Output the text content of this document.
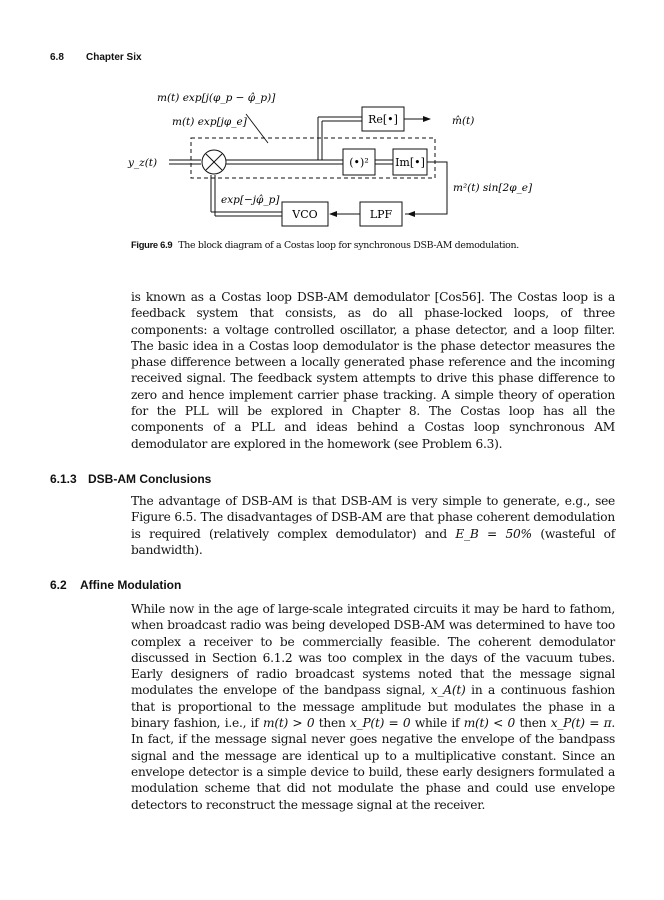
6.8 Chapter Six
Re[•]
(•)² Im[•]
LPF
VCO
m(t) exp[j(φ_p − φ̂_p)]
m(t) exp[jφ_e]
y_z(t)
m̂(t)
m²(t) sin[2φ_e]
exp[−jφ̂_p]
Figure 6.9 The block diagram of a Costas loop for synchronous DSB-AM demodulation.

is known as a Costas loop DSB-AM demodulator [Cos56]. The Costas loop is a feedback system that consists, as do all phase-locked loops, of three components: a voltage controlled oscillator, a phase detector, and a loop filter. The basic idea in a Costas loop demodulator is the phase detector measures the phase difference between a locally generated phase reference and the incoming received signal. The feedback system attempts to drive this phase difference to zero and hence implement carrier phase tracking. A simple theory of operation for the PLL will be explored in Chapter 8. The Costas loop has all the components of a PLL and ideas behind a Costas loop synchronous AM demodulator are explored in the homework (see Problem 6.3).

6.1.3 DSB-AM Conclusions

The advantage of DSB-AM is that DSB-AM is very simple to generate, e.g., see Figure 6.5. The disadvantages of DSB-AM are that phase coherent demodulation is required (relatively complex demodulator) and E_B = 50% (wasteful of bandwidth).

6.2 Affine Modulation

While now in the age of large-scale integrated circuits it may be hard to fathom, when broadcast radio was being developed DSB-AM was determined to have too complex a receiver to be commercially feasible. The coherent demodulator discussed in Section 6.1.2 was too complex in the days of the vacuum tubes. Early designers of radio broadcast systems noted that the message signal modulates the envelope of the bandpass signal, x_A(t) in a continuous fashion that is proportional to the message amplitude but modulates the phase in a binary fashion, i.e., if m(t) > 0 then x_P(t) = 0 while if m(t) < 0 then x_P(t) = π. In fact, if the message signal never goes negative the envelope of the bandpass signal and the message are identical up to a multiplicative constant. Since an envelope detector is a simple device to build, these early designers formulated a modulation scheme that did not modulate the phase and could use envelope detectors to reconstruct the message signal at the receiver.
